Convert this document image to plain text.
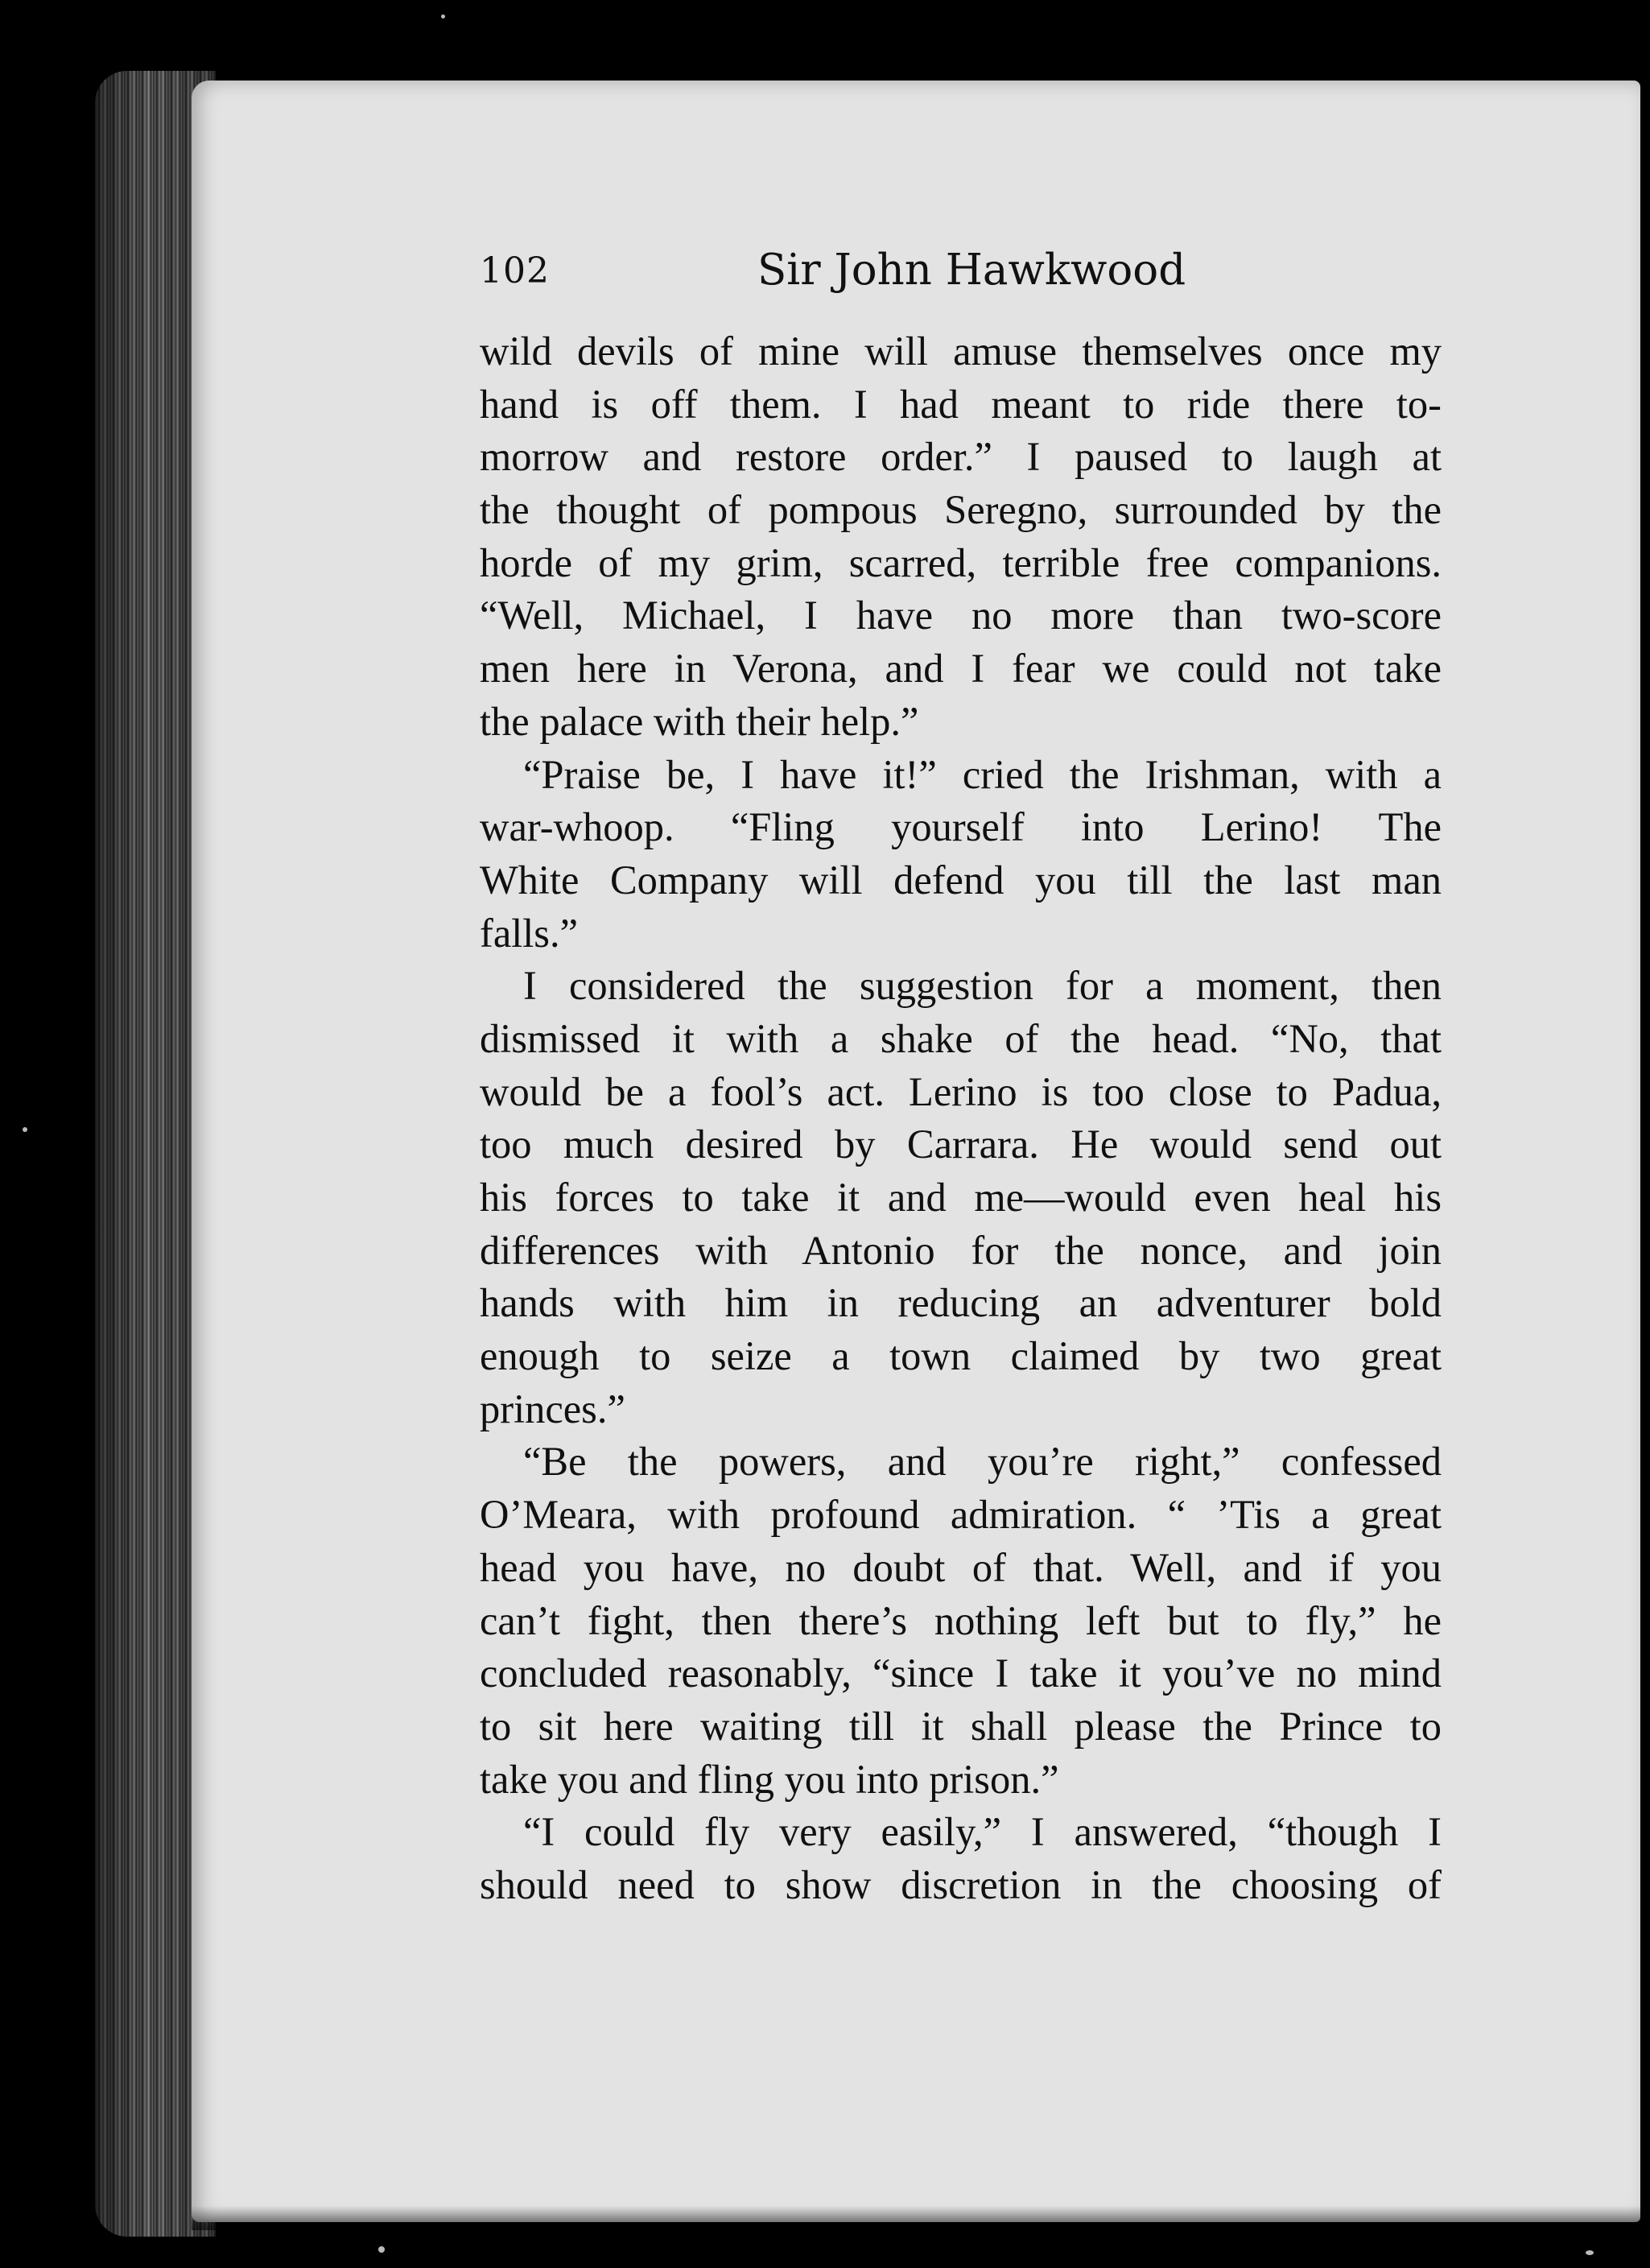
102	Sir John Hawkwood
wild devils of mine will amuse themselves once my
hand is off them. I had meant to ride there to-
morrow and restore order.” I paused to laugh at
the thought of pompous Seregno, surrounded by the
horde of my grim, scarred, terrible free companions.
“Well, Michael, I have no more than two-score
men here in Verona, and I fear we could not take
the palace with their help.”
“Praise be, I have it!” cried the Irishman, with a
war-whoop. “Fling yourself into Lerino! The
White Company will defend you till the last man
falls.”
I considered the suggestion for a moment, then
dismissed it with a shake of the head. “No, that
would be a fool’s act. Lerino is too close to Padua,
too much desired by Carrara. He would send out
his forces to take it and me—would even heal his
differences with Antonio for the nonce, and join
hands with him in reducing an adventurer bold
enough to seize a town claimed by two great
princes.”
“Be the powers, and you’re right,” confessed
O’Meara, with profound admiration. “ ’Tis a great
head you have, no doubt of that. Well, and if you
can’t fight, then there’s nothing left but to fly,” he
concluded reasonably, “since I take it you’ve no mind
to sit here waiting till it shall please the Prince to
take you and fling you into prison.”
“I could fly very easily,” I answered, “though I
should need to show discretion in the choosing of
